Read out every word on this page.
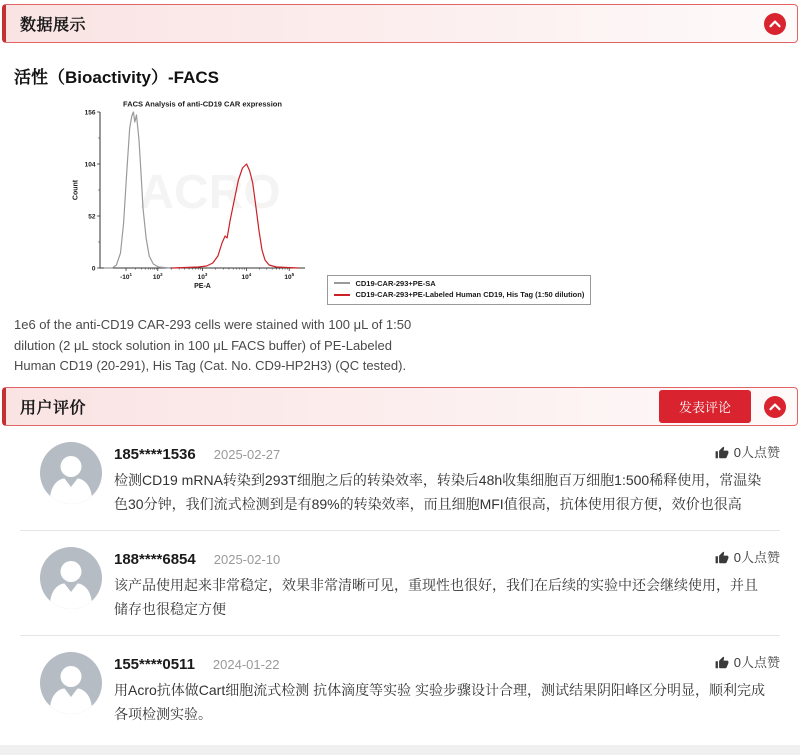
数据展示
活性（Bioactivity）-FACS
ACRO
FACS Analysis of anti-CD19 CAR expression
0
52
104
156
Count
$-10^1$	$10^2$	$10^3$	$10^4$	$10^5$
PE-A
	CD19-CAR-293+PE-SA
CD19-CAR-293+PE-Labeled Human CD19, His Tag (1:50 dilution)

1e6 of the anti-CD19 CAR-293 cells were stained with 100 μL of 1:50 dilution (2 μL stock solution in 100 μL FACS buffer) of PE-Labeled Human CD19 (20-291), His Tag (Cat. No. CD9-HP2H3) (QC tested).

用户评价	发表评论
185****1536 2025-02-27	0人点赞
检测CD19 mRNA转染到293T细胞之后的转染效率，转染后48h收集细胞百万细胞1:500稀释使用，常温染色30分钟，我们流式检测到是有89%的转染效率，而且细胞MFI值很高，抗体使用很方便，效价也很高
188****6854 2025-02-10	0人点赞
该产品使用起来非常稳定，效果非常清晰可见，重现性也很好，我们在后续的实验中还会继续使用，并且储存也很稳定方便
155****0511 2024-01-22	0人点赞
用Acro抗体做Cart细胞流式检测 抗体滴度等实验 实验步骤设计合理，测试结果阴阳峰区分明显，顺利完成各项检测实验。
